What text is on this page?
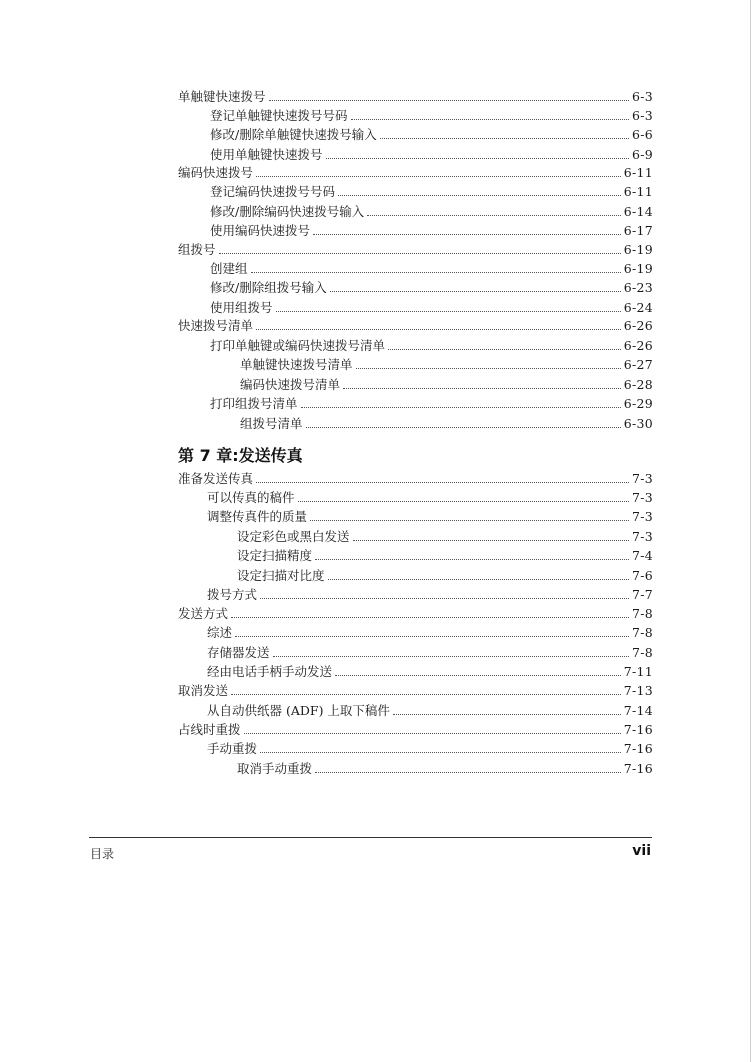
单触键快速拨号	6-3
登记单触键快速拨号号码	6-3
修改/删除单触键快速拨号输入	6-6
使用单触键快速拨号	6-9
编码快速拨号	6-11
登记编码快速拨号号码	6-11
修改/删除编码快速拨号输入	6-14
使用编码快速拨号	6-17
组拨号	6-19
创建组	6-19
修改/删除组拨号输入	6-23
使用组拨号	6-24
快速拨号清单	6-26
打印单触键或编码快速拨号清单	6-26
单触键快速拨号清单	6-27
编码快速拨号清单	6-28
打印组拨号清单	6-29
组拨号清单	6-30
第 7 章:发送传真
准备发送传真	7-3
可以传真的稿件	7-3
调整传真件的质量	7-3
设定彩色或黑白发送	7-3
设定扫描精度	7-4
设定扫描对比度	7-6
拨号方式	7-7
发送方式	7-8
综述	7-8
存储器发送	7-8
经由电话手柄手动发送	7-11
取消发送	7-13
从自动供纸器 (ADF) 上取下稿件	7-14
占线时重拨	7-16
手动重拨	7-16
取消手动重拨	7-16
目录	vii
